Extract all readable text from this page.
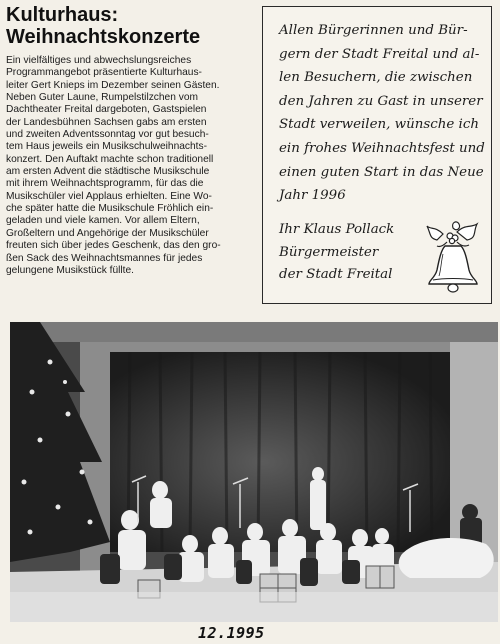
Kulturhaus:
Weihnachtskonzerte
Ein vielfältiges und abwechslungsreiches
Programmangebot präsentierte Kulturhaus-
leiter Gert Knieps im Dezember seinen Gästen.
Neben Guter Laune, Rumpelstilzchen vom
Dachtheater Freital dargeboten, Gastspielen
der Landesbühnen Sachsen gabs am ersten
und zweiten Adventssonntag vor gut besuch-
tem Haus jeweils ein Musikschulweihnachts-
konzert. Den Auftakt machte schon traditionell
am ersten Advent die städtische Musikschule
mit ihrem Weihnachtsprogramm, für das die
Musikschüler viel Applaus erhielten. Eine Wo-
che später hatte die Musikschule Fröhlich ein-
geladen und viele kamen. Vor allem Eltern,
Großeltern und Angehörige der Musikschüler
freuten sich über jedes Geschenk, das den gro-
ßen Sack des Weihnachtsmannes für jedes
gelungene Musikstück füllte.
Allen Bürgerinnen und Bür-
gern der Stadt Freital und al-
len Besuchern, die zwischen
den Jahren zu Gast in unserer
Stadt verweilen, wünsche ich
ein frohes Weihnachtsfest und
einen guten Start in das Neue
Jahr 1996
Ihr Klaus Pollack
Bürgermeister
der Stadt Freital
12.1995
